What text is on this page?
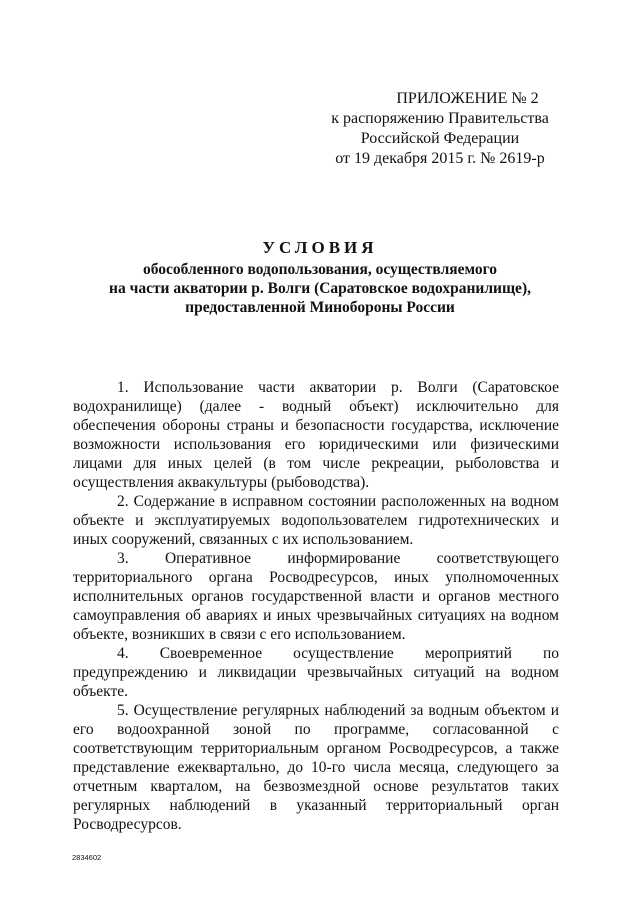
ПРИЛОЖЕНИЕ № 2
к распоряжению Правительства
Российской Федерации
от 19 декабря 2015 г. № 2619-р

УСЛОВИЯ

обособленного водопользования, осуществляемого

на части акватории р. Волги (Саратовское водохранилище),

предоставленной Минобороны России

1. Использование части акватории р. Волги (Саратовское водохранилище) (далее - водный объект) исключительно для обеспечения обороны страны и безопасности государства, исключение возможности использования его юридическими или физическими лицами для иных целей (в том числе рекреации, рыболовства и осуществления аквакультуры (рыбоводства).

2. Содержание в исправном состоянии расположенных на водном объекте и эксплуатируемых водопользователем гидротехнических и иных сооружений, связанных с их использованием.

3. Оперативное информирование соответствующего территориального органа Росводресурсов, иных уполномоченных исполнительных органов государственной власти и органов местного самоуправления об авариях и иных чрезвычайных ситуациях на водном объекте, возникших в связи с его использованием.

4. Своевременное осуществление мероприятий по предупреждению и ликвидации чрезвычайных ситуаций на водном объекте.

5. Осуществление регулярных наблюдений за водным объектом и его водоохранной зоной по программе, согласованной с соответствующим территориальным органом Росводресурсов, а также представление ежеквартально, до 10-го числа месяца, следующего за отчетным кварталом, на безвозмездной основе результатов таких регулярных наблюдений в указанный территориальный орган Росводресурсов.

2834602
